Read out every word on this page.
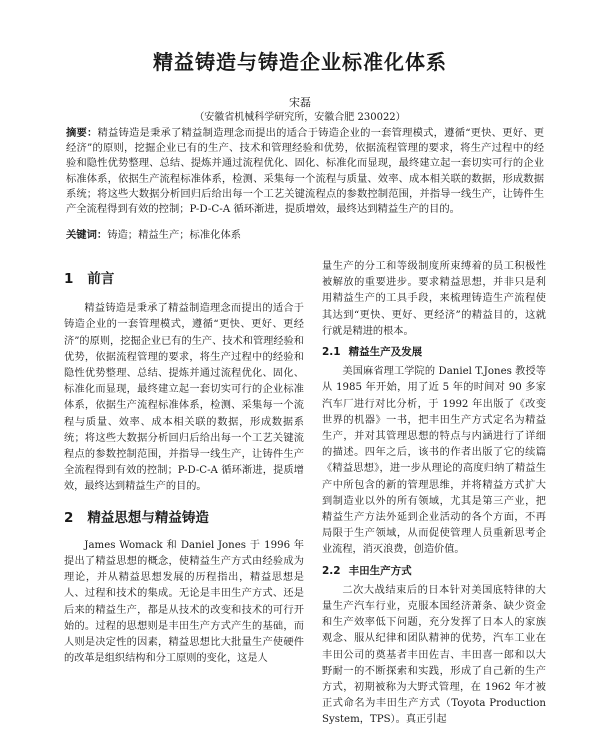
精益铸造与铸造企业标准化体系
宋磊
（安徽省机械科学研究所，安徽合肥 230022）
摘要：精益铸造是秉承了精益制造理念而提出的适合于铸造企业的一套管理模式，遵循“更快、更好、更经济”的原则，挖掘企业已有的生产、技术和管理经验和优势，依据流程管理的要求，将生产过程中的经验和隐性优势整理、总结、提炼并通过流程优化、固化、标准化而显现，最终建立起一套切实可行的企业标准体系，依据生产流程标准体系，检测、采集每一个流程与质量、效率、成本相关联的数据，形成数据系统；将这些大数据分析回归后给出每一个工艺关键流程点的参数控制范围，并指导一线生产，让铸件生产全流程得到有效的控制；P-D-C-A 循环渐进，提质增效，最终达到精益生产的目的。
关键词：铸造；精益生产；标准化体系
1 前言

精益铸造是秉承了精益制造理念而提出的适合于铸造企业的一套管理模式，遵循“更快、更好、更经济”的原则，挖掘企业已有的生产、技术和管理经验和优势，依据流程管理的要求，将生产过程中的经验和隐性优势整理、总结、提炼并通过流程优化、固化、标准化而显现，最终建立起一套切实可行的企业标准体系，依据生产流程标准体系，检测、采集每一个流程与质量、效率、成本相关联的数据，形成数据系统；将这些大数据分析回归后给出每一个工艺关键流程点的参数控制范围，并指导一线生产，让铸件生产全流程得到有效的控制；P-D-C-A 循环渐进，提质增效，最终达到精益生产的目的。

2 精益思想与精益铸造

James Womack 和 Daniel Jones 于 1996 年提出了精益思想的概念，使精益生产方式由经验成为理论，并从精益思想发展的历程指出，精益思想是人、过程和技术的集成。无论是丰田生产方式、还是后来的精益生产，都是从技术的改变和技术的可行开始的。过程的思想则是丰田生产方式产生的基础，而人则是决定性的因素，精益思想比大批量生产使硬件的改革是组织结构和分工原则的变化，这是人

量生产的分工和等级制度所束缚着的员工积极性被解放的重要进步。要求精益思想，并非只是利用精益生产的工具手段，来梳理铸造生产流程使其达到“更快、更好、更经济”的精益目的，这就行就是精进的根本。

2.1 精益生产及发展

美国麻省理工学院的 Daniel T.Jones 教授等从 1985 年开始，用了近 5 年的时间对 90 多家汽车厂进行对比分析，于 1992 年出版了《改变世界的机器》一书，把丰田生产方式定名为精益生产，并对其管理思想的特点与内涵进行了详细的描述。四年之后，该书的作者出版了它的续篇《精益思想》，进一步从理论的高度归纳了精益生产中所包含的新的管理思维，并将精益方式扩大到制造业以外的所有领域，尤其是第三产业，把精益生产方法外延到企业活动的各个方面，不再局限于生产领域，从而促使管理人员重新思考企业流程，消灭浪费，创造价值。

2.2 丰田生产方式

二次大战结束后的日本针对美国底特律的大量生产汽车行业，克服本国经济萧条、缺少资金和生产效率低下问题，充分发挥了日本人的家族观念、服从纪律和团队精神的优势，汽车工业在丰田公司的奠基者丰田佐吉、丰田喜一郎和以大野耐一的不断探索和实践，形成了自己新的生产方式，初期被称为大野式管理，在 1962 年才被正式命名为丰田生产方式（Toyota Production System，TPS）。真正引起
